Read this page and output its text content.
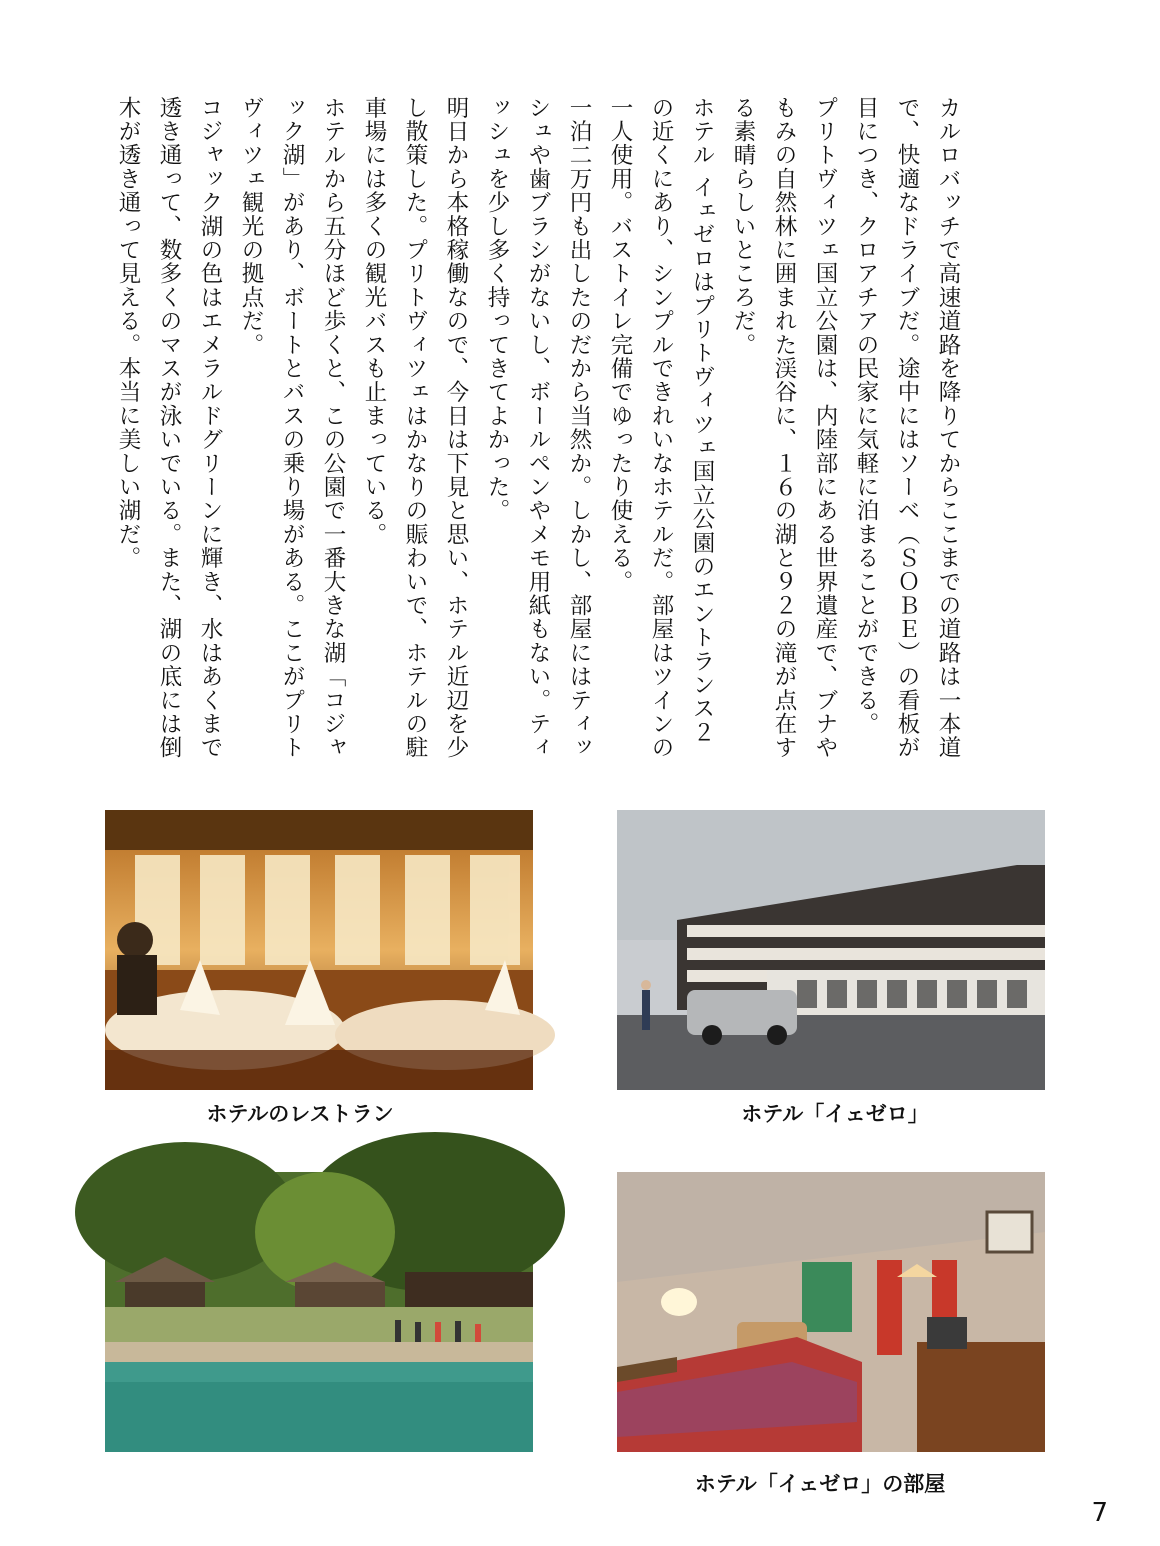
カルロバッチで高速道路を降りてからここまでの道路は一本道で、快適なドライブだ。途中にはソーベ（ＳＯＢＥ）の看板が目につき、クロアチアの民家に気軽に泊まることができる。

プリトヴィツェ国立公園は、内陸部にある世界遺産で、ブナやもみの自然林に囲まれた渓谷に、１６の湖と９２の滝が点在する素晴らしいところだ。

ホテル イェゼロはプリトヴィツェ国立公園のエントランス２の近くにあり、シンプルできれいなホテルだ。部屋はツインの一人使用。バストイレ完備でゆったり使える。

一泊二万円も出したのだから当然か。しかし、部屋にはティッシュや歯ブラシがないし、ボールペンやメモ用紙もない。ティッシュを少し多く持ってきてよかった。

明日から本格稼働なので、今日は下見と思い、ホテル近辺を少し散策した。プリトヴィツェはかなりの賑わいで、ホテルの駐車場には多くの観光バスも止まっている。

ホテルから五分ほど歩くと、この公園で一番大きな湖「コジャック湖」があり、ボートとバスの乗り場がある。ここがプリトヴィツェ観光の拠点だ。

コジャック湖の色はエメラルドグリーンに輝き、水はあくまで透き通って、数多くのマスが泳いでいる。また、湖の底には倒木が透き通って見える。本当に美しい湖だ。

ホテルのレストラン	ホテル「イェゼロ」
ホテル「イェゼロ」の部屋
7
